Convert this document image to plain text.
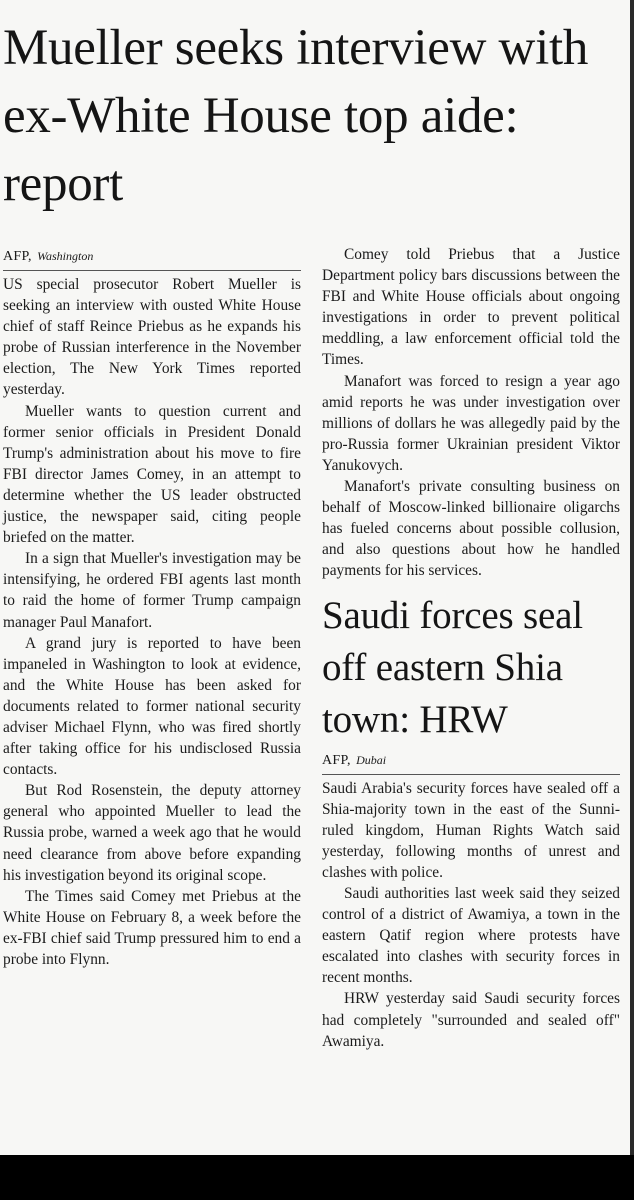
Mueller seeks interview with ex-White House top aide: report
AFP, Washington

US special prosecutor Robert Mueller is seeking an interview with ousted White House chief of staff Reince Priebus as he expands his probe of Russian interference in the November election, The New York Times reported yesterday.

Mueller wants to question current and former senior officials in President Donald Trump's administration about his move to fire FBI director James Comey, in an attempt to determine whether the US leader obstructed justice, the newspaper said, citing people briefed on the matter.

In a sign that Mueller's investigation may be intensifying, he ordered FBI agents last month to raid the home of former Trump campaign manager Paul Manafort.

A grand jury is reported to have been impaneled in Washington to look at evidence, and the White House has been asked for documents related to former national security adviser Michael Flynn, who was fired shortly after taking office for his undisclosed Russia contacts.

But Rod Rosenstein, the deputy attorney general who appointed Mueller to lead the Russia probe, warned a week ago that he would need clearance from above before expanding his investigation beyond its original scope.

The Times said Comey met Priebus at the White House on February 8, a week before the ex-FBI chief said Trump pressured him to end a probe into Flynn.

Comey told Priebus that a Justice Department policy bars discussions between the FBI and White House officials about ongoing investigations in order to prevent political meddling, a law enforcement official told the Times.

Manafort was forced to resign a year ago amid reports he was under investigation over millions of dollars he was allegedly paid by the pro-Russia former Ukrainian president Viktor Yanukovych.

Manafort's private consulting business on behalf of Moscow-linked billionaire oligarchs has fueled concerns about possible collusion, and also questions about how he handled payments for his services.

Saudi forces seal off eastern Shia town: HRW
AFP, Dubai

Saudi Arabia's security forces have sealed off a Shia-majority town in the east of the Sunni-ruled kingdom, Human Rights Watch said yesterday, following months of unrest and clashes with police.

Saudi authorities last week said they seized control of a district of Awamiya, a town in the eastern Qatif region where protests have escalated into clashes with security forces in recent months.

HRW yesterday said Saudi security forces had completely "surrounded and sealed off" Awamiya.
